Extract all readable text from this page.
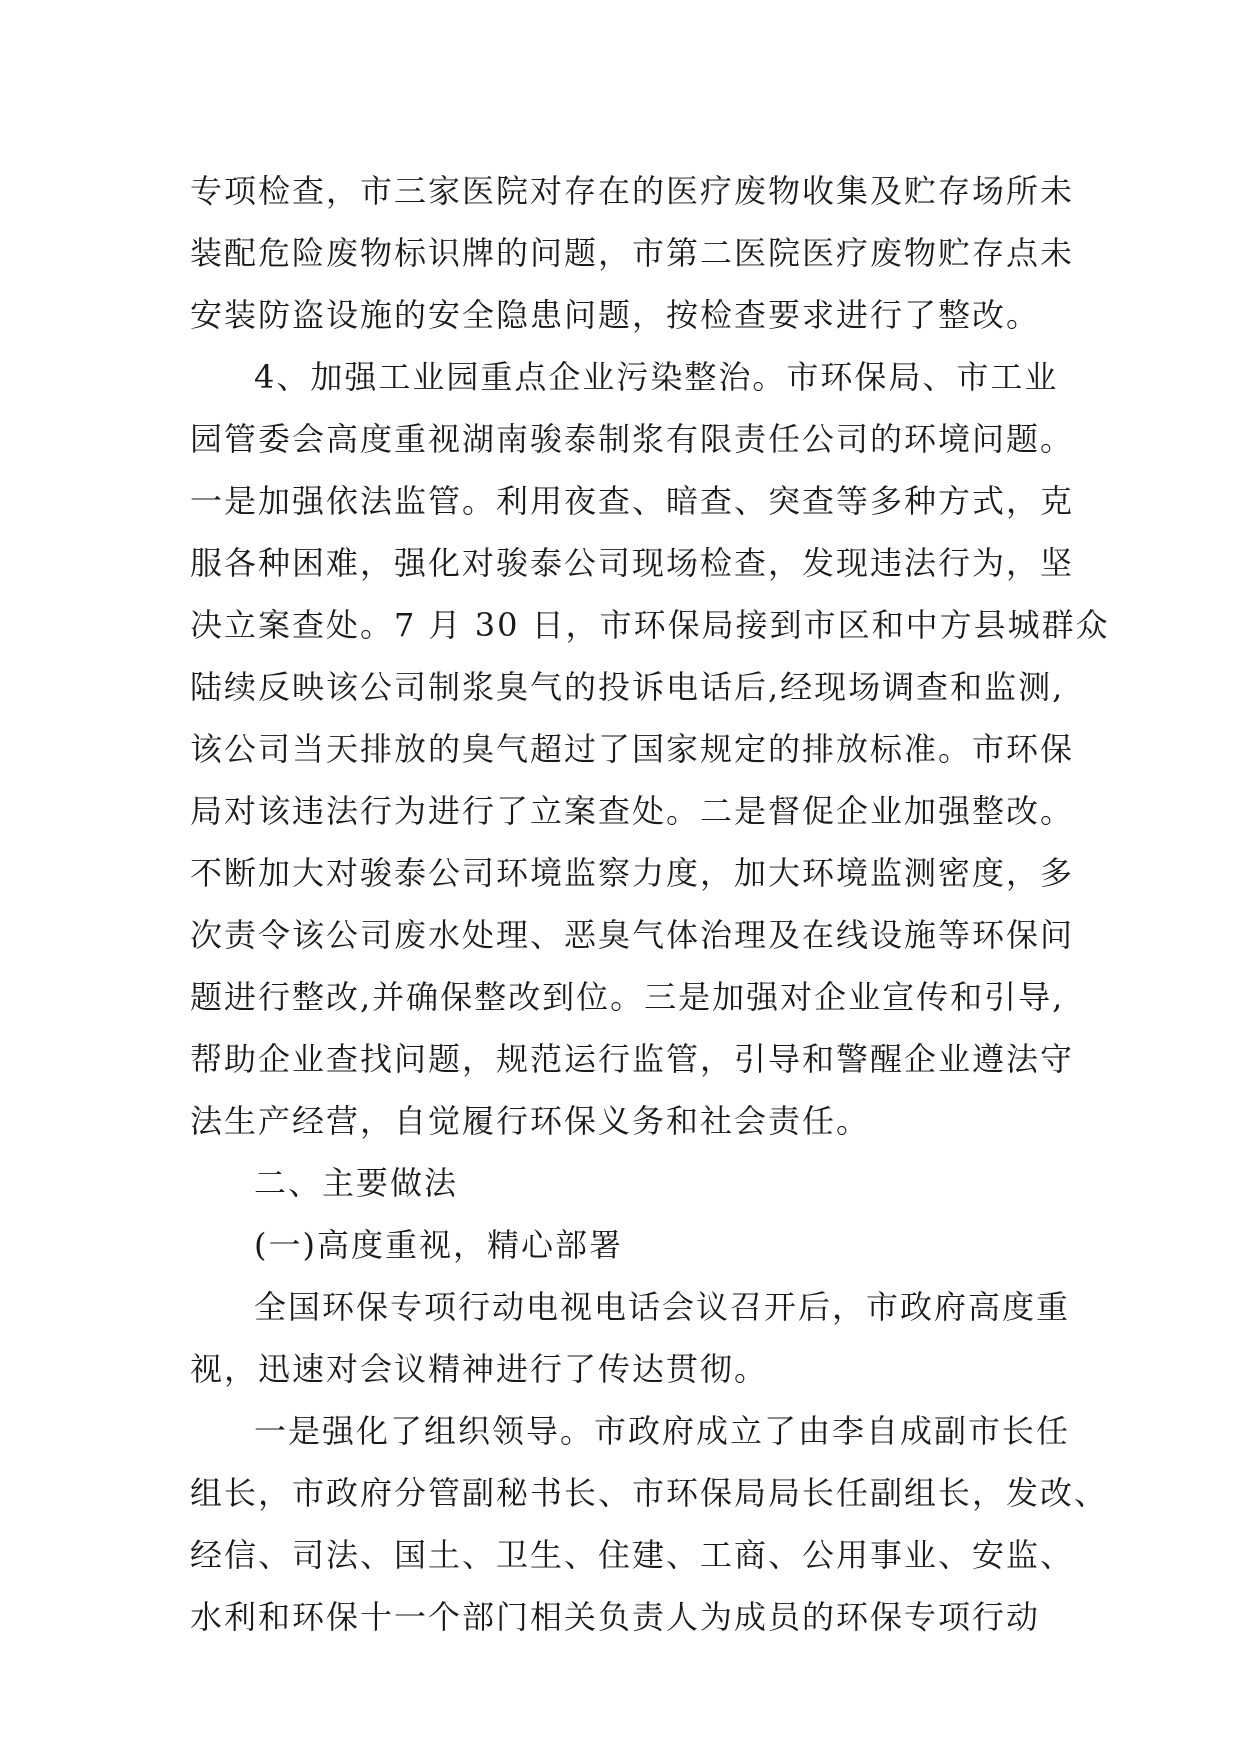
专项检查，市三家医院对存在的医疗废物收集及贮存场所未
装配危险废物标识牌的问题，市第二医院医疗废物贮存点未
安装防盗设施的安全隐患问题，按检查要求进行了整改。
4、加强工业园重点企业污染整治。市环保局、市工业
园管委会高度重视湖南骏泰制浆有限责任公司的环境问题。
一是加强依法监管。利用夜查、暗查、突查等多种方式，克
服各种困难，强化对骏泰公司现场检查，发现违法行为，坚
决立案查处。7 月 30 日，市环保局接到市区和中方县城群众
陆续反映该公司制浆臭气的投诉电话后,经现场调查和监测,
该公司当天排放的臭气超过了国家规定的排放标准。市环保
局对该违法行为进行了立案查处。二是督促企业加强整改。
不断加大对骏泰公司环境监察力度，加大环境监测密度，多
次责令该公司废水处理、恶臭气体治理及在线设施等环保问
题进行整改,并确保整改到位。三是加强对企业宣传和引导,
帮助企业查找问题，规范运行监管，引导和警醒企业遵法守
法生产经营，自觉履行环保义务和社会责任。
二、主要做法
(一)高度重视，精心部署
全国环保专项行动电视电话会议召开后，市政府高度重
视，迅速对会议精神进行了传达贯彻。
一是强化了组织领导。市政府成立了由李自成副市长任
组长，市政府分管副秘书长、市环保局局长任副组长，发改、
经信、司法、国土、卫生、住建、工商、公用事业、安监、
水利和环保十一个部门相关负责人为成员的环保专项行动
